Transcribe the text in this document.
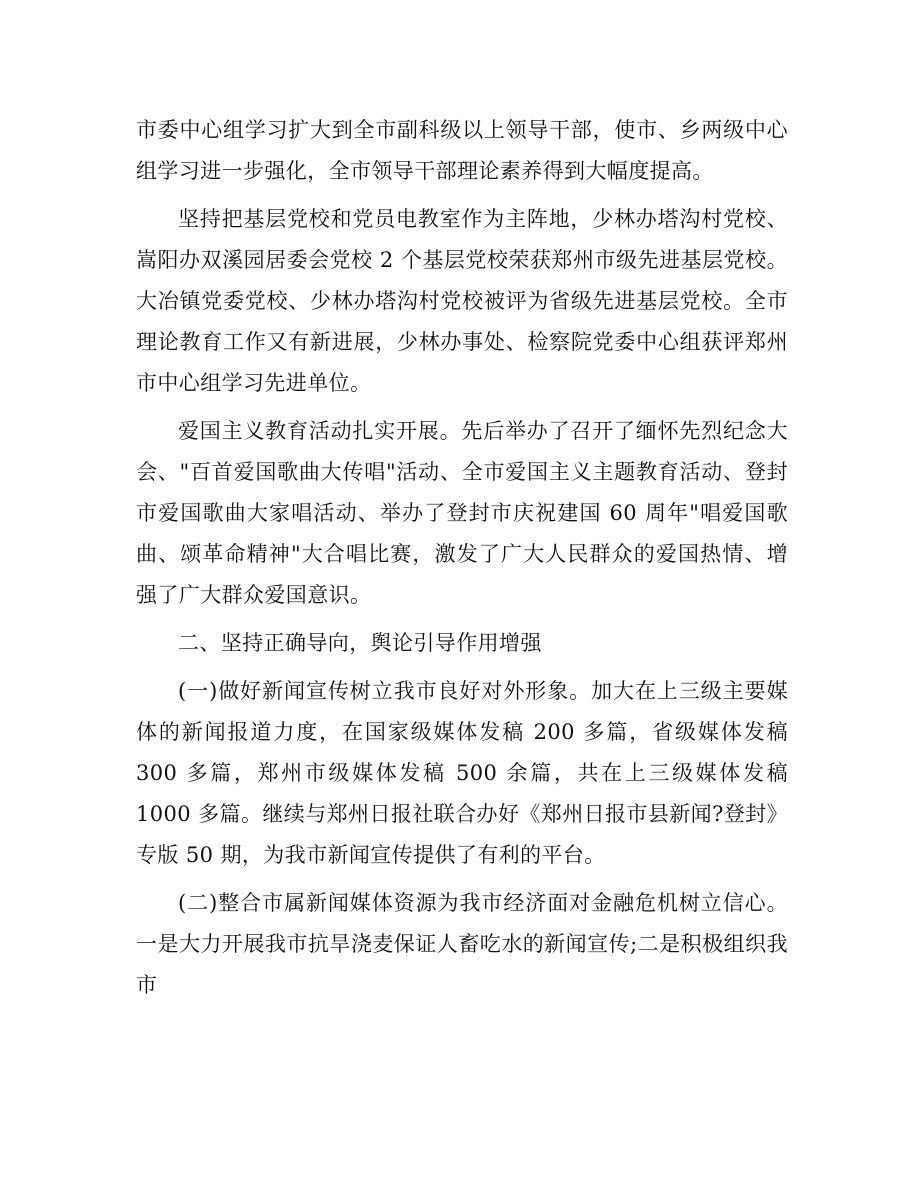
市委中心组学习扩大到全市副科级以上领导干部，使市、乡两级中心组学习进一步强化，全市领导干部理论素养得到大幅度提高。

坚持把基层党校和党员电教室作为主阵地，少林办塔沟村党校、嵩阳办双溪园居委会党校 2 个基层党校荣获郑州市级先进基层党校。大冶镇党委党校、少林办塔沟村党校被评为省级先进基层党校。全市理论教育工作又有新进展，少林办事处、检察院党委中心组获评郑州市中心组学习先进单位。

爱国主义教育活动扎实开展。先后举办了召开了缅怀先烈纪念大会、"百首爱国歌曲大传唱"活动、全市爱国主义主题教育活动、登封市爱国歌曲大家唱活动、举办了登封市庆祝建国 60 周年"唱爱国歌曲、颂革命精神"大合唱比赛，激发了广大人民群众的爱国热情、增强了广大群众爱国意识。

二、坚持正确导向，舆论引导作用增强

(一)做好新闻宣传树立我市良好对外形象。加大在上三级主要媒体的新闻报道力度，在国家级媒体发稿 200 多篇，省级媒体发稿 300 多篇，郑州市级媒体发稿 500 余篇，共在上三级媒体发稿 1000 多篇。继续与郑州日报社联合办好《郑州日报市县新闻?登封》专版 50 期，为我市新闻宣传提供了有利的平台。

(二)整合市属新闻媒体资源为我市经济面对金融危机树立信心。一是大力开展我市抗旱浇麦保证人畜吃水的新闻宣传;二是积极组织我市
